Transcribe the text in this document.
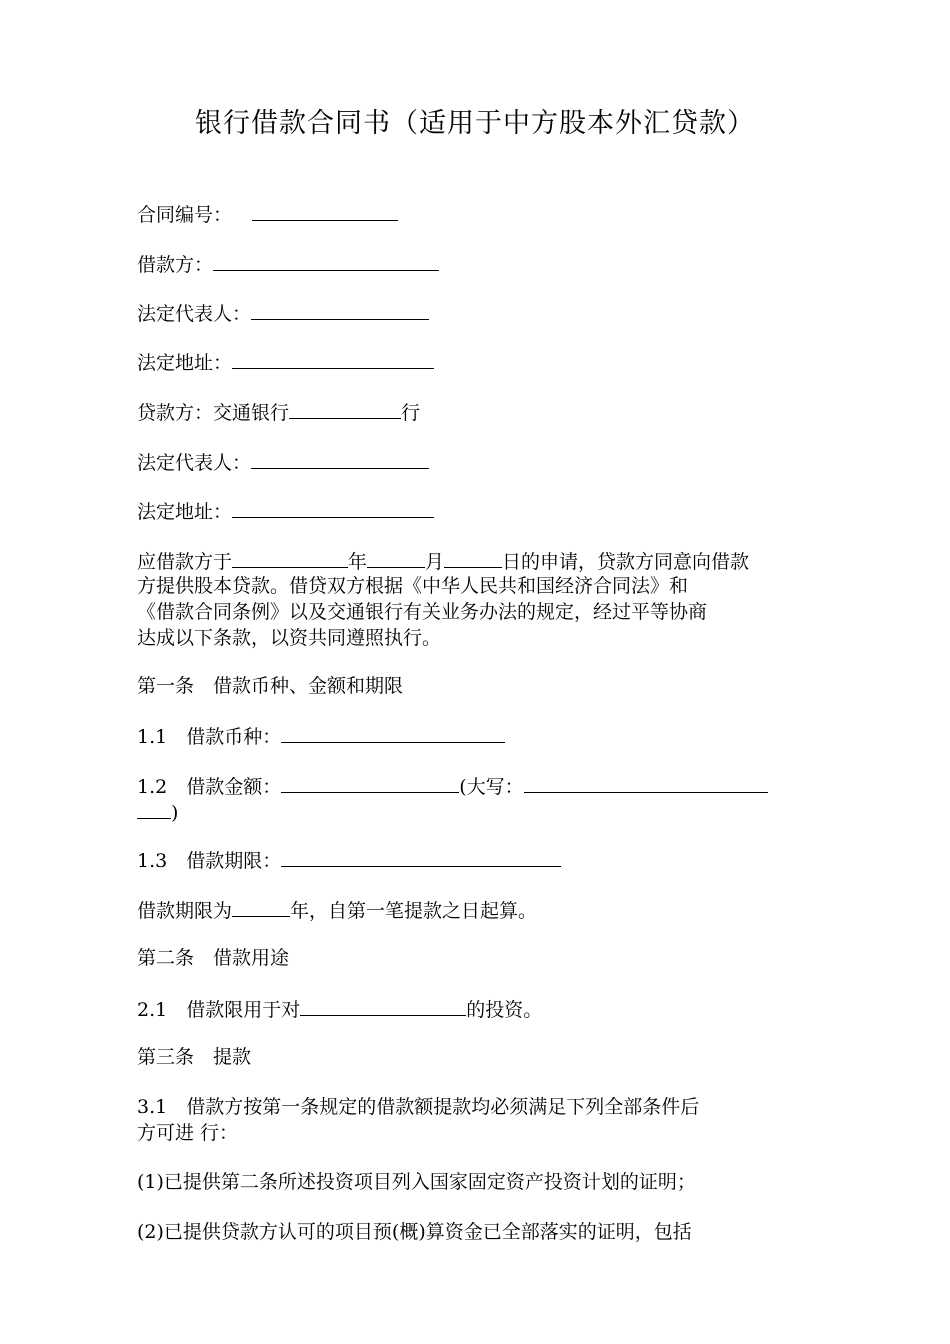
银行借款合同书（适用于中方股本外汇贷款）
合同编号：
借款方：
法定代表人：
法定地址：
贷款方：交通银行	行
法定代表人：
法定地址：
应借款方于	年	月	日的申请，贷款方同意向借款
方提供股本贷款。借贷双方根据《中华人民共和国经济合同法》和
《借款合同条例》以及交通银行有关业务办法的规定，经过平等协商
达成以下条款，以资共同遵照执行。
第一条　借款币种、金额和期限
1.1　借款币种：
1.2　借款金额：	(大写：
)
1.3　借款期限：
借款期限为	年，自第一笔提款之日起算。
第二条　借款用途
2.1　借款限用于对	的投资。
第三条　提款
3.1　借款方按第一条规定的借款额提款均必须满足下列全部条件后
方可进 行：
(1)已提供第二条所述投资项目列入国家固定资产投资计划的证明；
(2)已提供贷款方认可的项目预(概)算资金已全部落实的证明，包括
